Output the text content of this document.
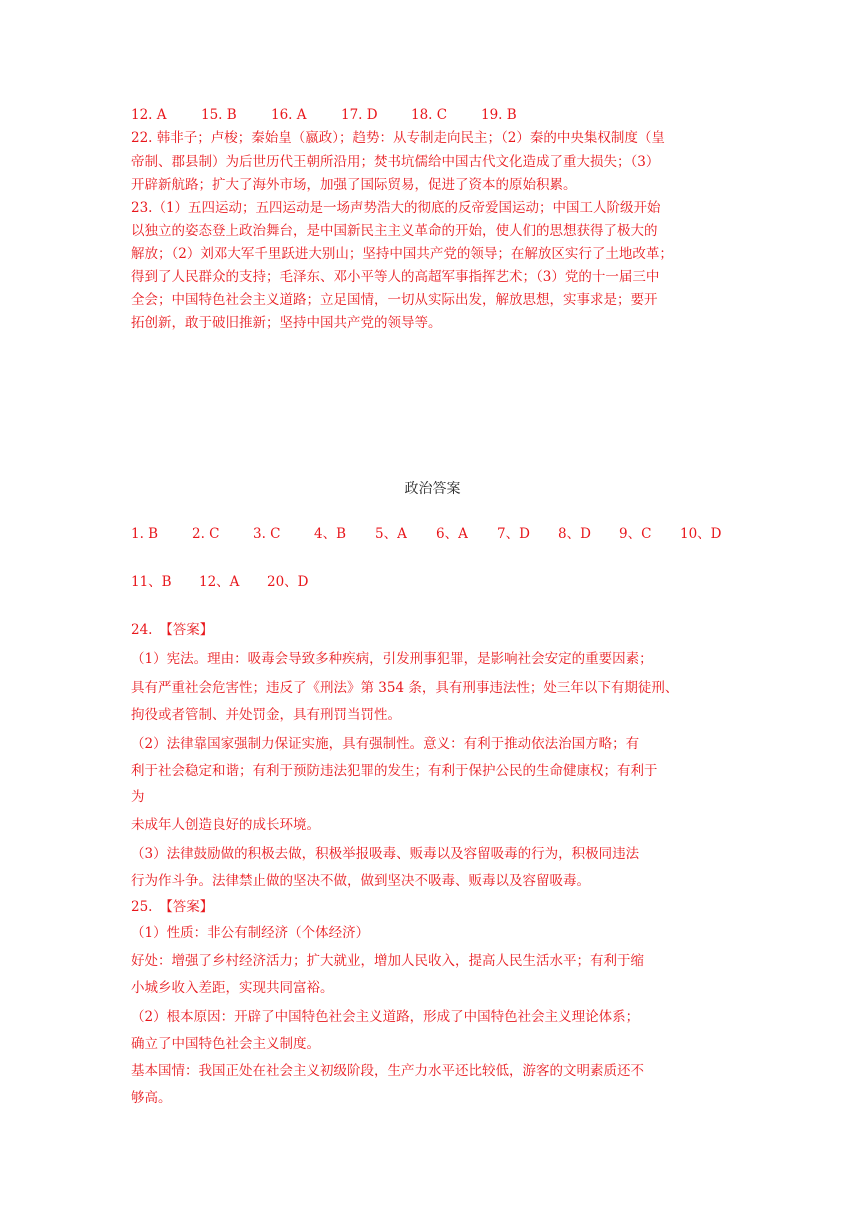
12. A	15. B	16. A	17. D 18. C	19. B
22. 韩非子；卢梭；秦始皇（嬴政）；趋势：从专制走向民主；（2）秦的中央集权制度（皇
帝制、郡县制）为后世历代王朝所沿用；焚书坑儒给中国古代文化造成了重大损失；（3）
开辟新航路；扩大了海外市场，加强了国际贸易，促进了资本的原始积累。
23.（1）五四运动；五四运动是一场声势浩大的彻底的反帝爱国运动；中国工人阶级开始
以独立的姿态登上政治舞台，是中国新民主主义革命的开始，使人们的思想获得了极大的
解放；（2）刘邓大军千里跃进大别山；坚持中国共产党的领导；在解放区实行了土地改革；
得到了人民群众的支持；毛泽东、邓小平等人的高超军事指挥艺术；（3）党的十一届三中
全会；中国特色社会主义道路；立足国情，一切从实际出发，解放思想，实事求是；要开
拓创新，敢于破旧推新；坚持中国共产党的领导等。
政治答案
1. B	2. C 3. C 4、B 5、A 6、A 7、D 8、D 9、C 10、D
11、B 12、A 20、D
24.　【答案】
（1）宪法。理由：吸毒会导致多种疾病，引发刑事犯罪，是影响社会安定的重要因素；
具有严重社会危害性；违反了《刑法》第 354 条，具有刑事违法性；处三年以下有期徒刑、
拘役或者管制、并处罚金，具有刑罚当罚性。
（2）法律靠国家强制力保证实施，具有强制性。意义：有利于推动依法治国方略；有
利于社会稳定和谐；有利于预防违法犯罪的发生；有利于保护公民的生命健康权；有利于
为
未成年人创造良好的成长环境。
（3）法律鼓励做的积极去做，积极举报吸毒、贩毒以及容留吸毒的行为，积极同违法
行为作斗争。法律禁止做的坚决不做，做到坚决不吸毒、贩毒以及容留吸毒。
25.　【答案】
（1）性质：非公有制经济（个体经济）
好处：增强了乡村经济活力；扩大就业，增加人民收入，提高人民生活水平；有利于缩
小城乡收入差距，实现共同富裕。
（2）根本原因：开辟了中国特色社会主义道路，形成了中国特色社会主义理论体系；
确立了中国特色社会主义制度。
基本国情：我国正处在社会主义初级阶段，生产力水平还比较低，游客的文明素质还不
够高。
